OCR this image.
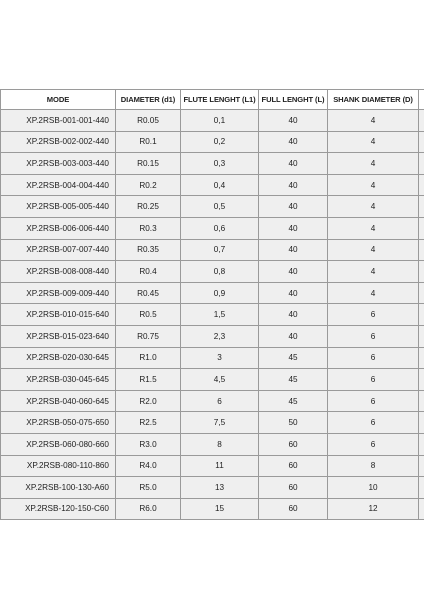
MODE	DIAMETER (d1)	FLUTE LENGHT (L1)	FULL LENGHT (L)	SHANK DIAMETER (D)	
XP.2RSB-001-001-440	R0.05	0,1	40	4	
XP.2RSB-002-002-440	R0.1	0,2	40	4	
XP.2RSB-003-003-440	R0.15	0,3	40	4	
XP.2RSB-004-004-440	R0.2	0,4	40	4	
XP.2RSB-005-005-440	R0.25	0,5	40	4	
XP.2RSB-006-006-440	R0.3	0,6	40	4	
XP.2RSB-007-007-440	R0.35	0,7	40	4	
XP.2RSB-008-008-440	R0.4	0,8	40	4	
XP.2RSB-009-009-440	R0.45	0,9	40	4	
XP.2RSB-010-015-640	R0.5	1,5	40	6	
XP.2RSB-015-023-640	R0.75	2,3	40	6	
XP.2RSB-020-030-645	R1.0	3	45	6	
XP.2RSB-030-045-645	R1.5	4,5	45	6	
XP.2RSB-040-060-645	R2.0	6	45	6	
XP.2RSB-050-075-650	R2.5	7,5	50	6	
XP.2RSB-060-080-660	R3.0	8	60	6	
XP.2RSB-080-110-860	R4.0	11	60	8	
XP.2RSB-100-130-A60	R5.0	13	60	10	
XP.2RSB-120-150-C60	R6.0	15	60	12	
